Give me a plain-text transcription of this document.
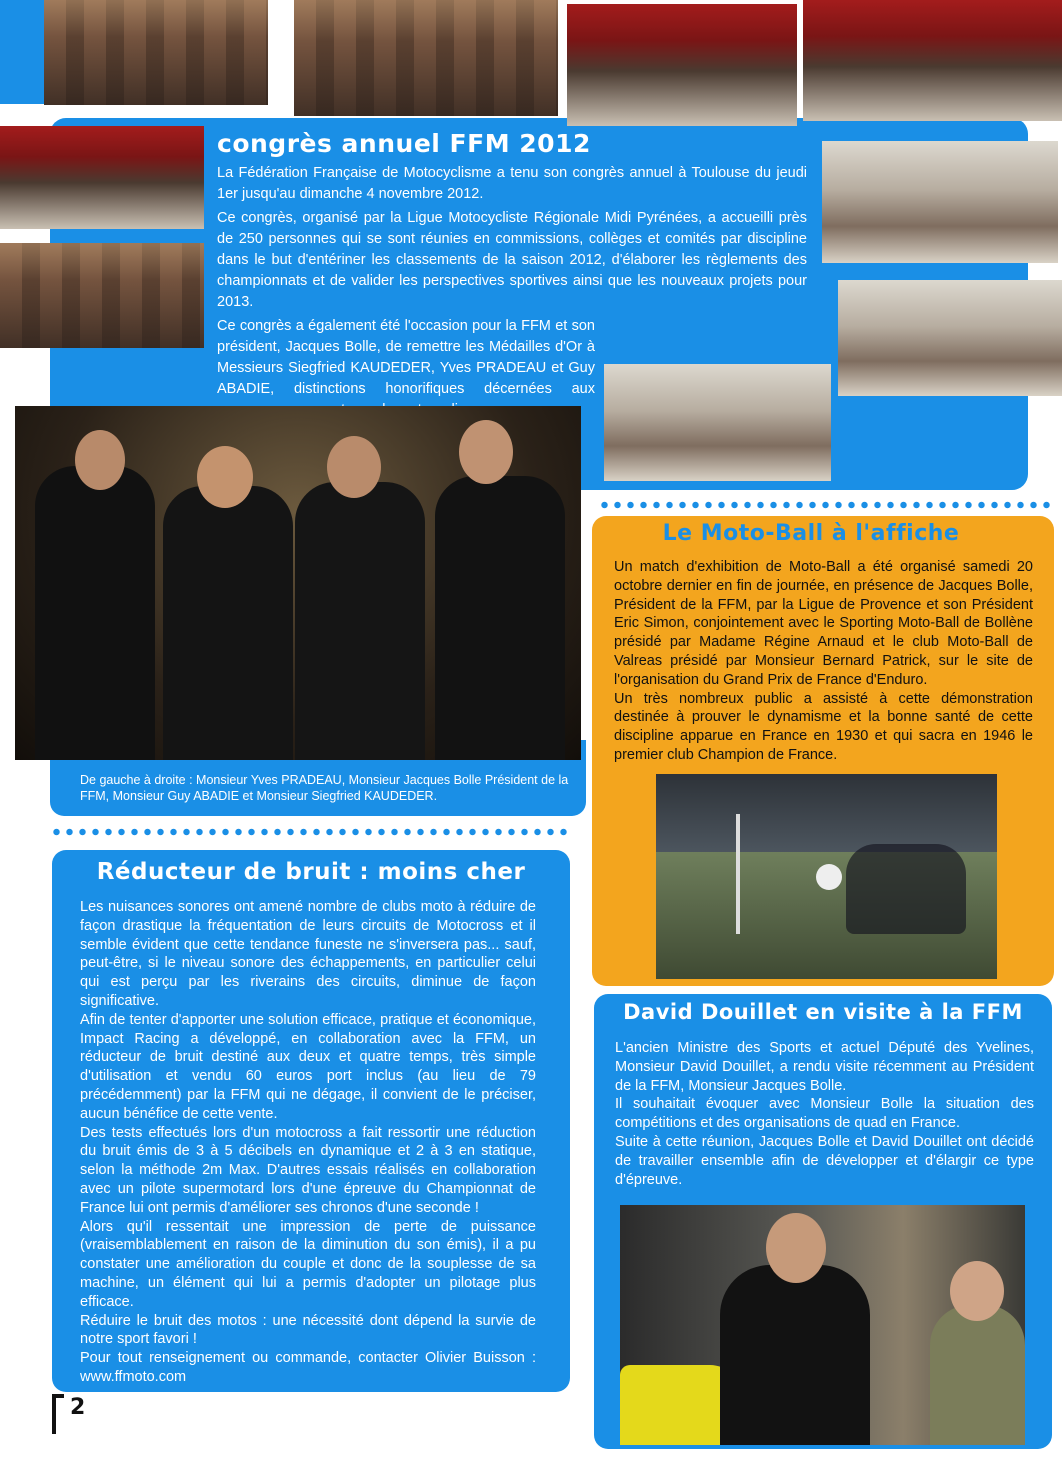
congrès annuel FFM 2012

La Fédération Française de Motocyclisme a tenu son congrès annuel à Toulouse du jeudi 1er jusqu'au dimanche 4 novembre 2012.

Ce congrès, organisé par la Ligue Motocycliste Régionale Midi Pyrénées, a accueilli près de 250 personnes qui se sont réunies en commissions, collèges et comités par discipline dans le but d'entériner les classements de la saison 2012, d'élaborer les règlements des championnats et de valider les perspectives sportives ainsi que les nouveaux projets pour 2013.

Ce congrès a également été l'occasion pour la FFM et son président, Jacques Bolle, de remettre les Médailles d'Or à Messieurs Siegfried KAUDEDER, Yves PRADEAU et Guy ABADIE, distinctions honorifiques décernées aux

De gauche à droite : Monsieur Yves PRADEAU, Monsieur Jacques Bolle Président de la FFM, Monsieur Guy ABADIE et Monsieur Siegfried KAUDEDER.
Le Moto-Ball à l'affiche

Un match d'exhibition de Moto-Ball a été organisé samedi 20 octobre dernier en fin de journée, en présence de Jacques Bolle, Président de la FFM, par la Ligue de Provence et son Président Eric Simon, conjointement avec le Sporting Moto-Ball de Bollène présidé par Madame Régine Arnaud et le club Moto-Ball de Valreas présidé par Monsieur Bernard Patrick, sur le site de l'organisation du Grand Prix de France d'Enduro.

Un très nombreux public a assisté à cette démonstration destinée à prouver le dynamisme et la bonne santé de cette discipline apparue en France en 1930 et qui sacra en 1946 le premier club Champion de France.

Réducteur de bruit : moins cher

Les nuisances sonores ont amené nombre de clubs moto à réduire de façon drastique la fréquentation de leurs circuits de Motocross et il semble évident que cette tendance funeste ne s'inversera pas... sauf, peut-être, si le niveau sonore des échappements, en particulier celui qui est perçu par les riverains des circuits, diminue de façon significative.

Afin de tenter d'apporter une solution efficace, pratique et économique, Impact Racing a développé, en collaboration avec la FFM, un réducteur de bruit destiné aux deux et quatre temps, très simple d'utilisation et vendu 60 euros port inclus (au lieu de 79 précédemment) par la FFM qui ne dégage, il convient de le préciser, aucun bénéfice de cette vente.

Des tests effectués lors d'un motocross a fait ressortir une réduction du bruit émis de 3 à 5 décibels en dynamique et 2 à 3 en statique, selon la méthode 2m Max. D'autres essais réalisés en collaboration avec un pilote supermotard lors d'une épreuve du Championnat de France lui ont permis d'améliorer ses chronos d'une seconde !

Alors qu'il ressentait une impression de perte de puissance (vraisemblablement en raison de la diminution du son émis), il a pu constater une amélioration du couple et donc de la souplesse de sa machine, un élément qui lui a permis d'adopter un pilotage plus efficace.

Réduire le bruit des motos : une nécessité dont dépend la survie de notre sport favori !

Pour tout renseignement ou commande, contacter Olivier Buisson : www.ffmoto.com

David Douillet en visite à la FFM

L'ancien Ministre des Sports et actuel Député des Yvelines, Monsieur David Douillet, a rendu visite récemment au Président de la FFM, Monsieur Jacques Bolle.

Il souhaitait évoquer avec Monsieur Bolle la situation des compétitions et des organisations de quad en France.

Suite à cette réunion, Jacques Bolle et David Douillet ont décidé de travailler ensemble afin de développer et d'élargir ce type d'épreuve.

2
